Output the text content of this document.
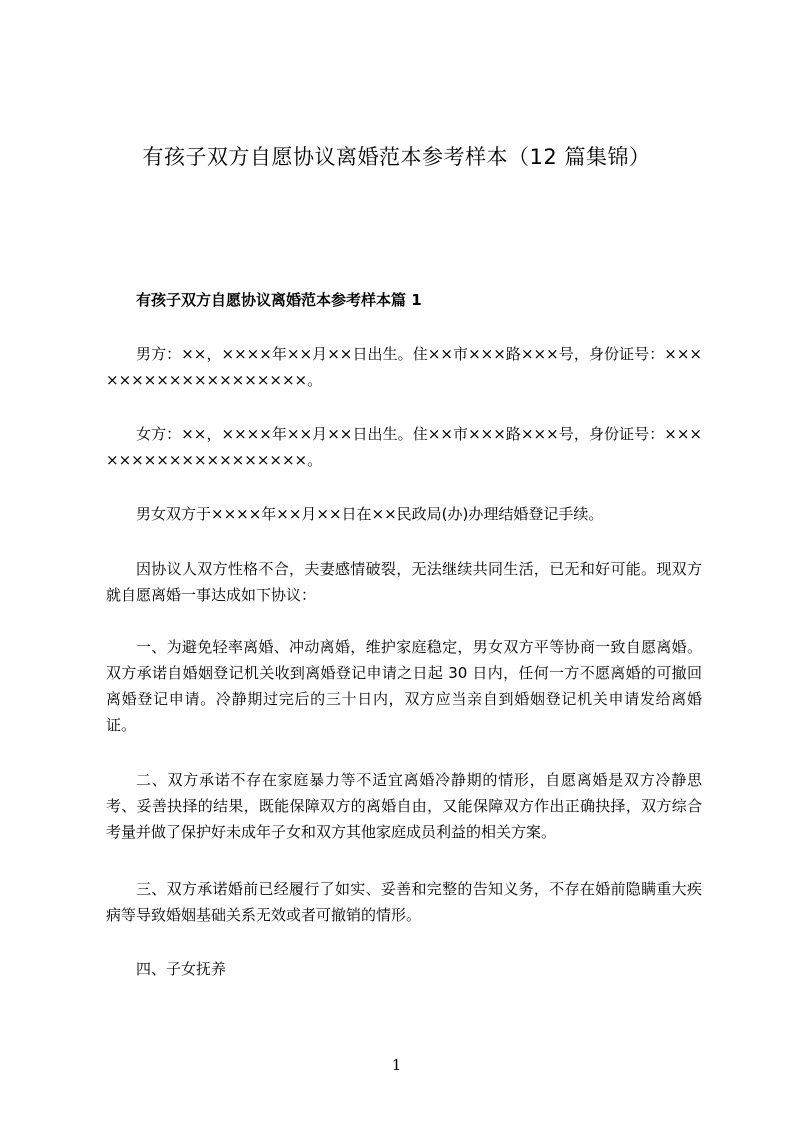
有孩子双方自愿协议离婚范本参考样本（12 篇集锦）
有孩子双方自愿协议离婚范本参考样本篇 1

男方：××，××××年××月××日出生。住××市×××路×××号，身份证号：×××××××××××××××××××。

女方：××，××××年××月××日出生。住××市×××路×××号，身份证号：×××××××××××××××××××。

男女双方于××××年××月××日在××民政局(办)办理结婚登记手续。

因协议人双方性格不合，夫妻感情破裂，无法继续共同生活，已无和好可能。现双方就自愿离婚一事达成如下协议：

一、为避免轻率离婚、冲动离婚，维护家庭稳定，男女双方平等协商一致自愿离婚。双方承诺自婚姻登记机关收到离婚登记申请之日起 30 日内，任何一方不愿离婚的可撤回离婚登记申请。冷静期过完后的三十日内，双方应当亲自到婚姻登记机关申请发给离婚证。

二、双方承诺不存在家庭暴力等不适宜离婚冷静期的情形，自愿离婚是双方冷静思考、妥善抉择的结果，既能保障双方的离婚自由，又能保障双方作出正确抉择，双方综合考量并做了保护好未成年子女和双方其他家庭成员利益的相关方案。

三、双方承诺婚前已经履行了如实、妥善和完整的告知义务，不存在婚前隐瞒重大疾病等导致婚姻基础关系无效或者可撤销的情形。

四、子女抚养

1
